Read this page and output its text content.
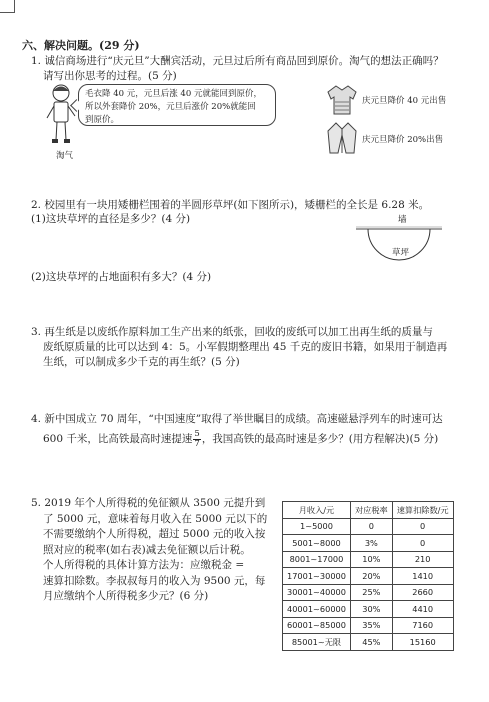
六、解决问题。(29 分)
1. 诚信商场进行“庆元旦”大酬宾活动，元旦过后所有商品回到原价。淘气的想法正确吗？
请写出你思考的过程。(5 分)
淘气
毛衣降 40 元，元旦后涨 40 元就能回到原价，
所以外套降价 20%，元旦后涨价 20%就能回
到原价。
庆元旦降价 40 元出售
庆元旦降价 20%出售
2. 校园里有一块用矮栅栏围着的半圆形草坪(如下图所示)，矮栅栏的全长是 6.28 米。
(1)这块草坪的直径是多少？(4 分)	墙
草坪
(2)这块草坪的占地面积有多大？(4 分)
3. 再生纸是以废纸作原料加工生产出来的纸张，回收的废纸可以加工出再生纸的质量与
废纸原质量的比可以达到 4：5。小军假期整理出 45 千克的废旧书籍，如果用于制造再
生纸，可以制成多少千克的再生纸？(5 分)
4. 新中国成立 70 周年，“中国速度”取得了举世瞩目的成绩。高速磁悬浮列车的时速可达
600 千米，比高铁最高时速提速 $\frac{5}{7}$ ，我国高铁的最高时速是多少？(用方程解决)(5 分)
5. 2019 年个人所得税的免征额从 3500 元提升到
了 5000 元，意味着每月收入在 5000 元以下的
不需要缴纳个人所得税，超过 5000 元的收入按
照对应的税率(如右表)减去免征额以后计税。
个人所得税的具体计算方法为：应缴税金 =
速算扣除数。李叔叔每月的收入为 9500 元，每
月应缴纳个人所得税多少元？(6 分)
月收入/元	对应税率	速算扣除数/元
1~5000	0	0
5001~8000	3%	0
8001~17000	10%	210
17001~30000	20%	1410
30001~40000	25%	2660
40001~60000	30%	4410
60001~85000	35%	7160
85001~无限	45%	15160
